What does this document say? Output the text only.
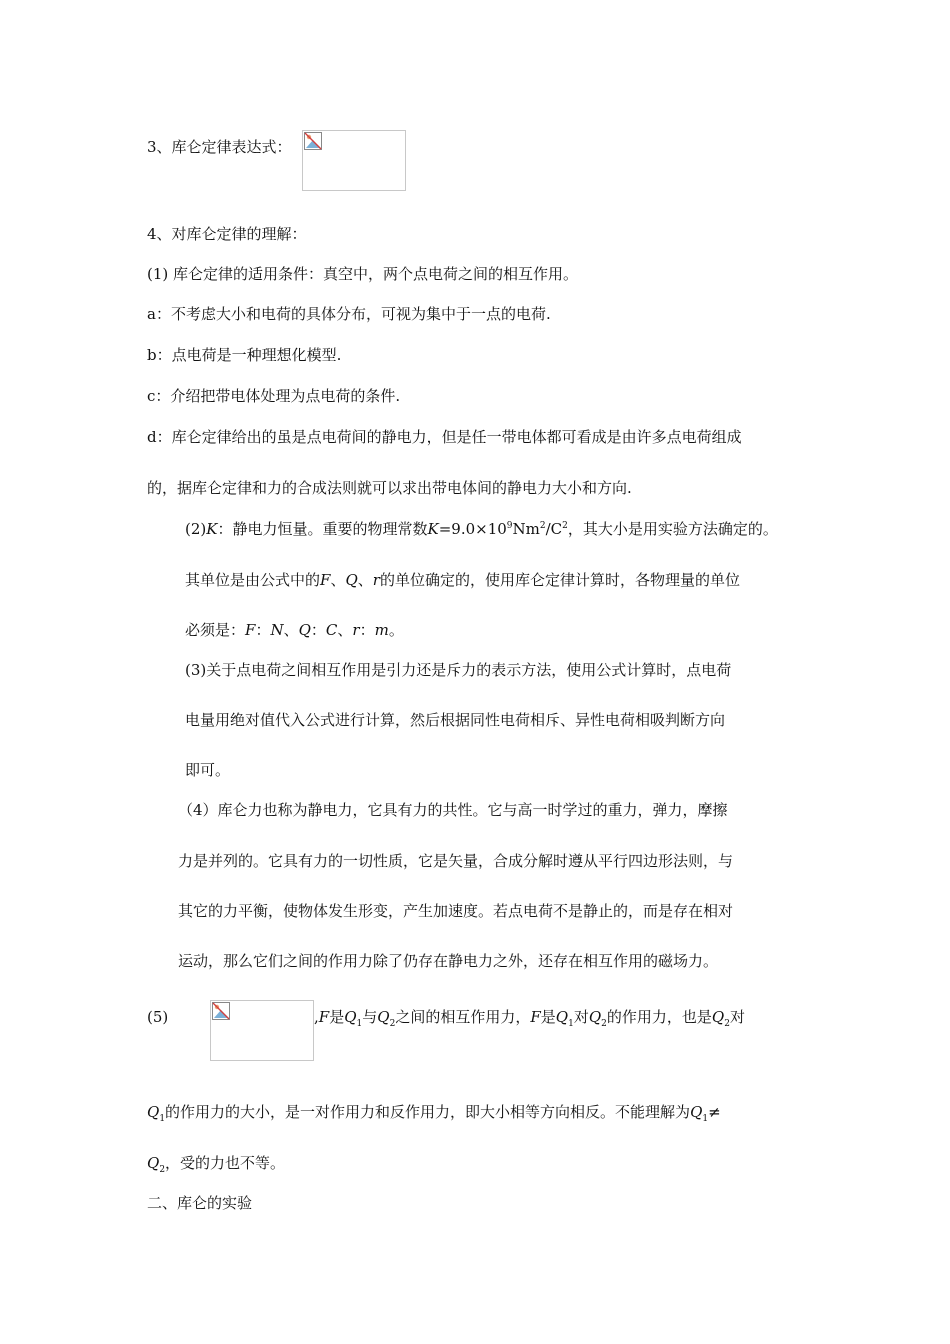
3、库仑定律表达式：
4、对库仑定律的理解：
(1) 库仑定律的适用条件：真空中，两个点电荷之间的相互作用。
a：不考虑大小和电荷的具体分布，可视为集中于一点的电荷.
b：点电荷是一种理想化模型.
c：介绍把带电体处理为点电荷的条件.
d：库仑定律给出的虽是点电荷间的静电力，但是任一带电体都可看成是由许多点电荷组成
的，据库仑定律和力的合成法则就可以求出带电体间的静电力大小和方向.
(2)K：静电力恒量。重要的物理常数$K=9.0\times 10^9Nm^2/C^2$，其大小是用实验方法确定的。
其单位是由公式中的F、Q、r的单位确定的，使用库仑定律计算时，各物理量的单位
必须是：F：N、Q：C、r：m。
(3)关于点电荷之间相互作用是引力还是斥力的表示方法，使用公式计算时，点电荷
电量用绝对值代入公式进行计算，然后根据同性电荷相斥、异性电荷相吸判断方向
即可。
（4）库仑力也称为静电力，它具有力的共性。它与高一时学过的重力，弹力，摩擦
力是并列的。它具有力的一切性质，它是矢量，合成分解时遵从平行四边形法则，与
其它的力平衡，使物体发生形变，产生加速度。若点电荷不是静止的，而是存在相对
运动，那么它们之间的作用力除了仍存在静电力之外，还存在相互作用的磁场力。
(5)	,F是$Q_1$与$Q_2$之间的相互作用力，F是$Q_1$对$Q_2$的作用力，也是$Q_2$对
$Q_1$的作用力的大小，是一对作用力和反作用力，即大小相等方向相反。不能理解为$Q_1\ne$
$Q_2$，受的力也不等。
二、库仑的实验
